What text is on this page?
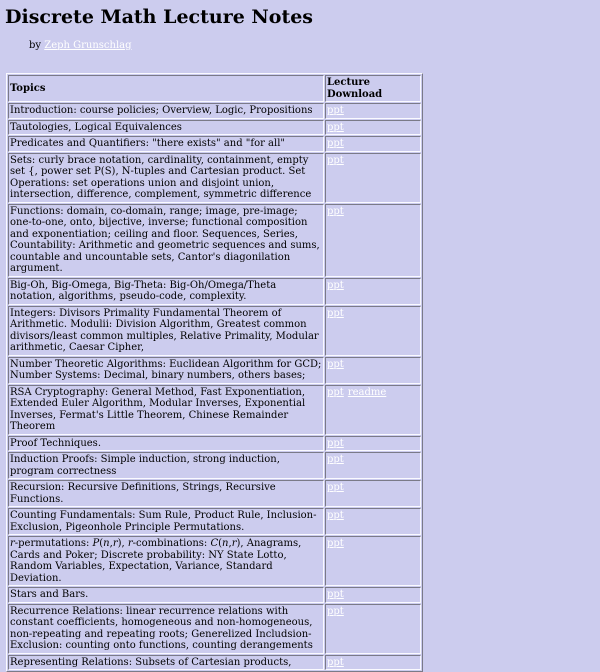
Discrete Math Lecture Notes
by Zeph Grunschlag
Topics	Lecture Download
Introduction: course policies; Overview, Logic, Propositions	ppt
Tautologies, Logical Equivalences	ppt
Predicates and Quantifiers: "there exists" and "for all"	ppt
Sets: curly brace notation, cardinality, containment, empty set {, power set P(S), N-tuples and Cartesian product. Set Operations: set operations union and disjoint union, intersection, difference, complement, symmetric difference	ppt
Functions: domain, co-domain, range; image, pre-image; one-to-one, onto, bijective, inverse; functional composition and exponentiation; ceiling and floor. Sequences, Series, Countability: Arithmetic and geometric sequences and sums, countable and uncountable sets, Cantor's diagonilation argument.	ppt
Big-Oh, Big-Omega, Big-Theta: Big-Oh/Omega/Theta notation, algorithms, pseudo-code, complexity.	ppt
Integers: Divisors Primality Fundamental Theorem of Arithmetic. Modulii: Division Algorithm, Greatest common divisors/least common multiples, Relative Primality, Modular arithmetic, Caesar Cipher,	ppt
Number Theoretic Algorithms: Euclidean Algorithm for GCD; Number Systems: Decimal, binary numbers, others bases;	ppt
RSA Cryptography: General Method, Fast Exponentiation, Extended Euler Algorithm, Modular Inverses, Exponential Inverses, Fermat's Little Theorem, Chinese Remainder Theorem	ppt readme
Proof Techniques.	ppt
Induction Proofs: Simple induction, strong induction, program correctness	ppt
Recursion: Recursive Definitions, Strings, Recursive Functions.	ppt
Counting Fundamentals: Sum Rule, Product Rule, Inclusion-Exclusion, Pigeonhole Principle Permutations.	ppt
r-permutations: P(n,r), r-combinations: C(n,r), Anagrams, Cards and Poker; Discrete probability: NY State Lotto, Random Variables, Expectation, Variance, Standard Deviation.	ppt
Stars and Bars.	ppt
Recurrence Relations: linear recurrence relations with constant coefficients, homogeneous and non-homogeneous, non-repeating and repeating roots; Generelized Includsion-Exclusion: counting onto functions, counting derangements	ppt
Representing Relations: Subsets of Cartesian products,	ppt
